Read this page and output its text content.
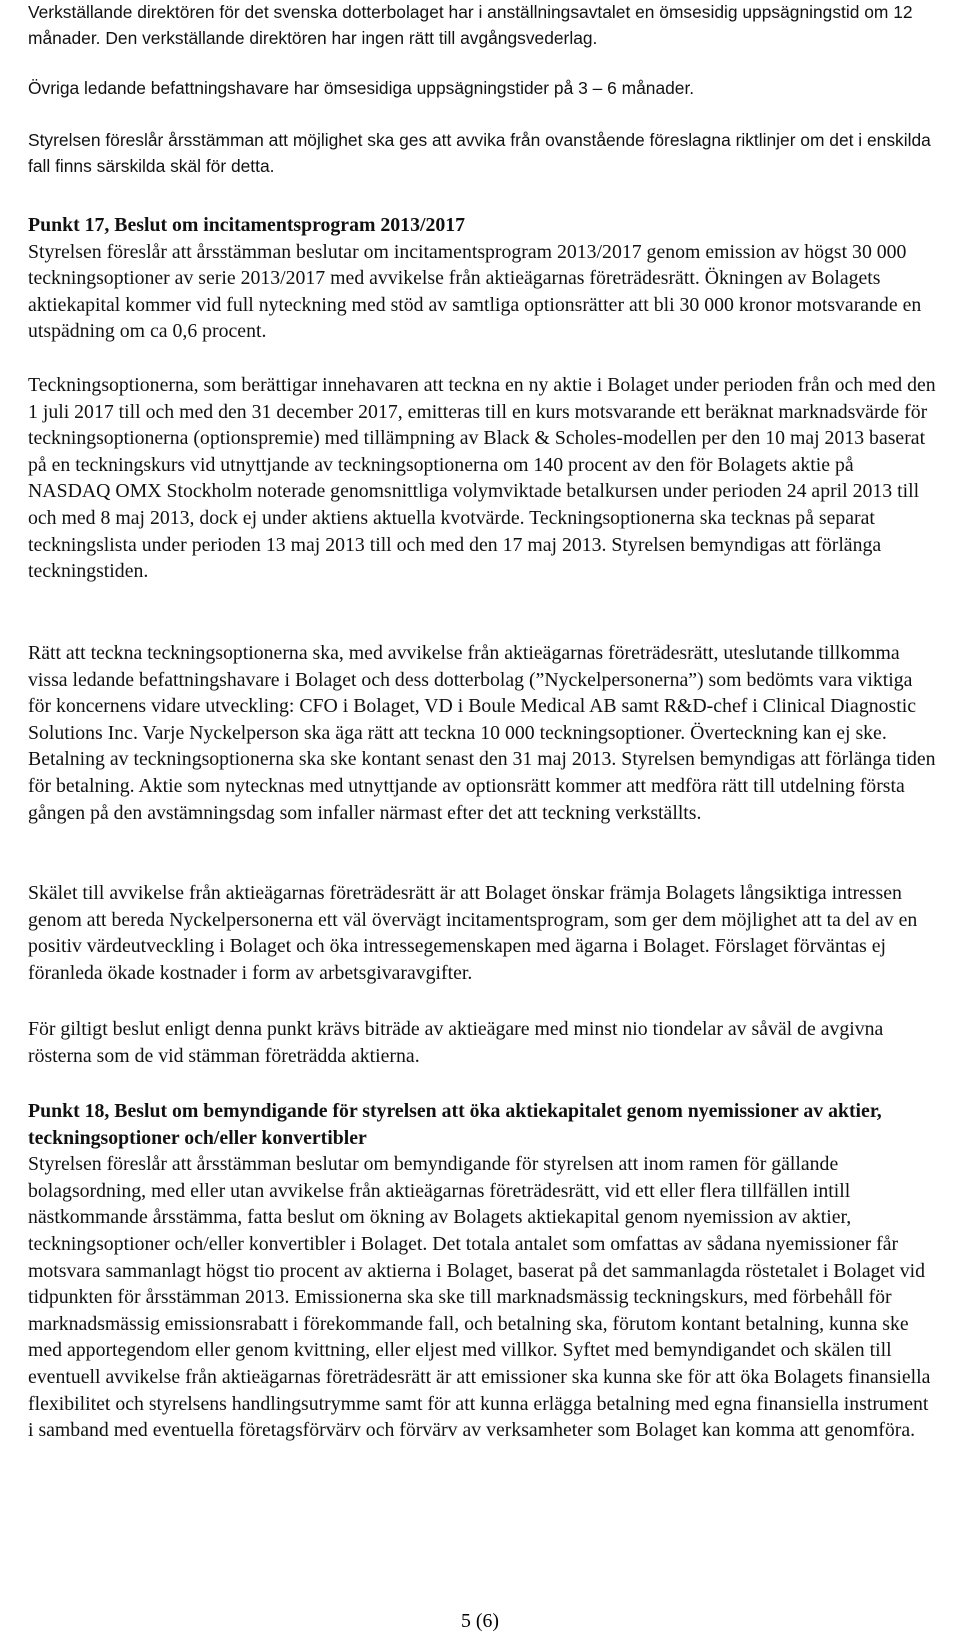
Verkställande direktören för det svenska dotterbolaget har i anställningsavtalet en ömsesidig uppsägningstid om 12 månader. Den verkställande direktören har ingen rätt till avgångsvederlag.

Övriga ledande befattningshavare har ömsesidiga uppsägningstider på 3 – 6 månader.

Styrelsen föreslår årsstämman att möjlighet ska ges att avvika från ovanstående föreslagna riktlinjer om det i enskilda fall finns särskilda skäl för detta.

Punkt 17, Beslut om incitamentsprogram 2013/2017

Styrelsen föreslår att årsstämman beslutar om incitamentsprogram 2013/2017 genom emission av högst 30 000 teckningsoptioner av serie 2013/2017 med avvikelse från aktieägarnas företrädesrätt. Ökningen av Bolagets aktiekapital kommer vid full nyteckning med stöd av samtliga optionsrätter att bli 30 000 kronor motsvarande en utspädning om ca 0,6 procent.

Teckningsoptionerna, som berättigar innehavaren att teckna en ny aktie i Bolaget under perioden från och med den 1 juli 2017 till och med den 31 december 2017, emitteras till en kurs motsvarande ett beräknat marknadsvärde för teckningsoptionerna (optionspremie) med tillämpning av Black & Scholes-modellen per den 10 maj 2013 baserat på en teckningskurs vid utnyttjande av teckningsoptionerna om 140 procent av den för Bolagets aktie på NASDAQ OMX Stockholm noterade genomsnittliga volymviktade betalkursen under perioden 24 april 2013 till och med 8 maj 2013, dock ej under aktiens aktuella kvotvärde. Teckningsoptionerna ska tecknas på separat teckningslista under perioden 13 maj 2013 till och med den 17 maj 2013. Styrelsen bemyndigas att förlänga teckningstiden.

Rätt att teckna teckningsoptionerna ska, med avvikelse från aktieägarnas företrädesrätt, uteslutande tillkomma vissa ledande befattningshavare i Bolaget och dess dotterbolag (”Nyckelpersonerna”) som bedömts vara viktiga för koncernens vidare utveckling: CFO i Bolaget, VD i Boule Medical AB samt R&D-chef i Clinical Diagnostic Solutions Inc. Varje Nyckelperson ska äga rätt att teckna 10 000 teckningsoptioner. Överteckning kan ej ske. Betalning av teckningsoptionerna ska ske kontant senast den 31 maj 2013. Styrelsen bemyndigas att förlänga tiden för betalning. Aktie som nytecknas med utnyttjande av optionsrätt kommer att medföra rätt till utdelning första gången på den avstämningsdag som infaller närmast efter det att teckning verkställts.

Skälet till avvikelse från aktieägarnas företrädesrätt är att Bolaget önskar främja Bolagets långsiktiga intressen genom att bereda Nyckelpersonerna ett väl övervägt incitamentsprogram, som ger dem möjlighet att ta del av en positiv värdeutveckling i Bolaget och öka intressegemenskapen med ägarna i Bolaget. Förslaget förväntas ej föranleda ökade kostnader i form av arbetsgivaravgifter.

För giltigt beslut enligt denna punkt krävs biträde av aktieägare med minst nio tiondelar av såväl de avgivna rösterna som de vid stämman företrädda aktierna.

Punkt 18, Beslut om bemyndigande för styrelsen att öka aktiekapitalet genom nyemissioner av aktier, teckningsoptioner och/eller konvertibler

Styrelsen föreslår att årsstämman beslutar om bemyndigande för styrelsen att inom ramen för gällande bolagsordning, med eller utan avvikelse från aktieägarnas företrädesrätt, vid ett eller flera tillfällen intill nästkommande årsstämma, fatta beslut om ökning av Bolagets aktiekapital genom nyemission av aktier, teckningsoptioner och/eller konvertibler i Bolaget. Det totala antalet som omfattas av sådana nyemissioner får motsvara sammanlagt högst tio procent av aktierna i Bolaget, baserat på det sammanlagda röstetalet i Bolaget vid tidpunkten för årsstämman 2013. Emissionerna ska ske till marknadsmässig teckningskurs, med förbehåll för marknadsmässig emissionsrabatt i förekommande fall, och betalning ska, förutom kontant betalning, kunna ske med apportegendom eller genom kvittning, eller eljest med villkor. Syftet med bemyndigandet och skälen till eventuell avvikelse från aktieägarnas företrädesrätt är att emissioner ska kunna ske för att öka Bolagets finansiella flexibilitet och styrelsens handlingsutrymme samt för att kunna erlägga betalning med egna finansiella instrument i samband med eventuella företagsförvärv och förvärv av verksamheter som Bolaget kan komma att genomföra.

5 (6)
